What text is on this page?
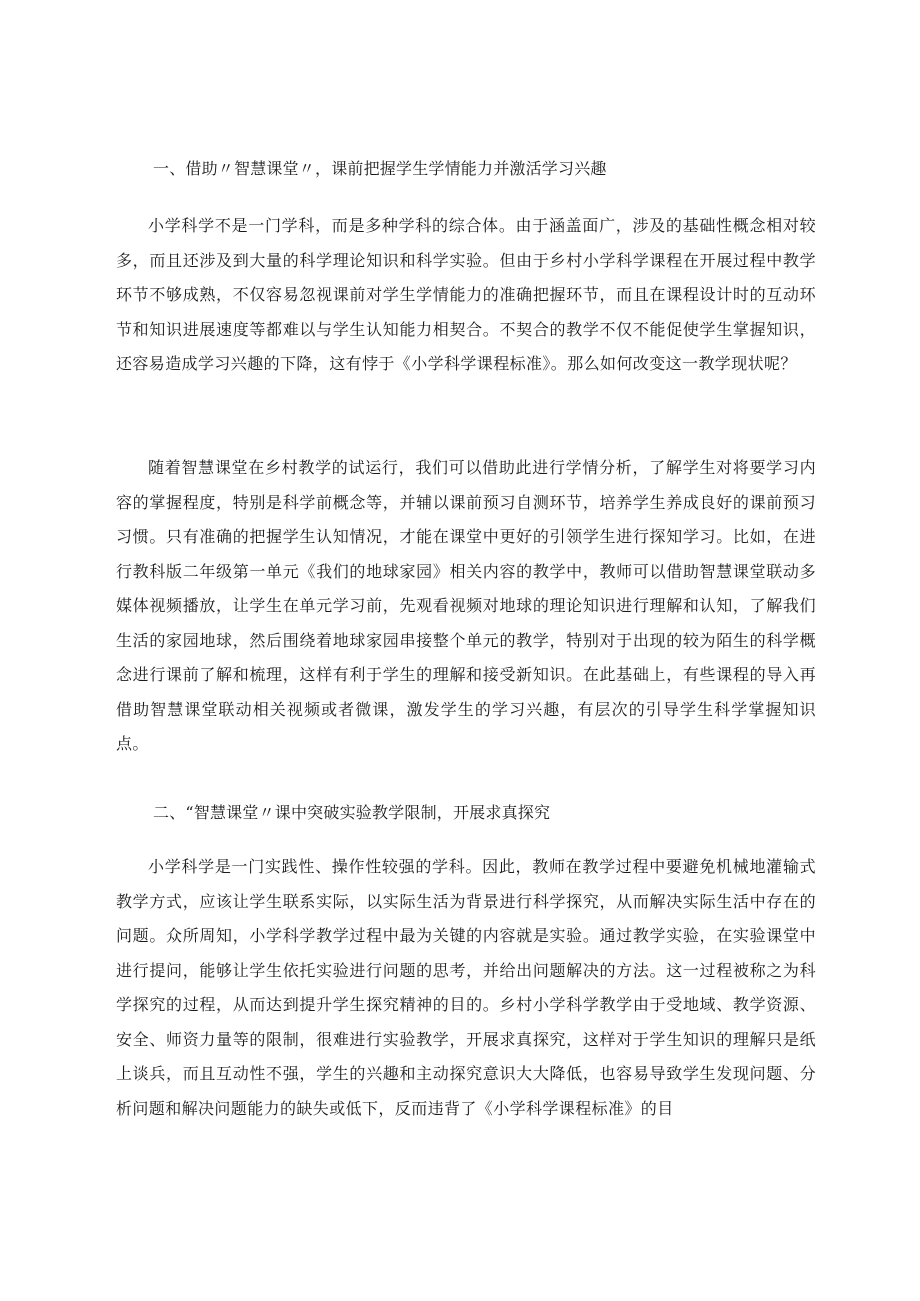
一、借助〃智慧课堂〃，课前把握学生学情能力并激活学习兴趣
小学科学不是一门学科，而是多种学科的综合体。由于涵盖面广，涉及的基础性概念相对较多，而且还涉及到大量的科学理论知识和科学实验。但由于乡村小学科学课程在开展过程中教学环节不够成熟，不仅容易忽视课前对学生学情能力的准确把握环节，而且在课程设计时的互动环节和知识进展速度等都难以与学生认知能力相契合。不契合的教学不仅不能促使学生掌握知识，还容易造成学习兴趣的下降，这有悖于《小学科学课程标准》。那么如何改变这一教学现状呢？
随着智慧课堂在乡村教学的试运行，我们可以借助此进行学情分析，了解学生对将要学习内容的掌握程度，特别是科学前概念等，并辅以课前预习自测环节，培养学生养成良好的课前预习习惯。只有准确的把握学生认知情况，才能在课堂中更好的引领学生进行探知学习。比如，在进行教科版二年级第一单元《我们的地球家园》相关内容的教学中，教师可以借助智慧课堂联动多媒体视频播放，让学生在单元学习前，先观看视频对地球的理论知识进行理解和认知，了解我们生活的家园地球，然后围绕着地球家园串接整个单元的教学，特别对于出现的较为陌生的科学概念进行课前了解和梳理，这样有利于学生的理解和接受新知识。在此基础上，有些课程的导入再借助智慧课堂联动相关视频或者微课，激发学生的学习兴趣，有层次的引导学生科学掌握知识点。
二、“智慧课堂〃课中突破实验教学限制，开展求真探究
小学科学是一门实践性、操作性较强的学科。因此，教师在教学过程中要避免机械地灌输式教学方式，应该让学生联系实际，以实际生活为背景进行科学探究，从而解决实际生活中存在的问题。众所周知，小学科学教学过程中最为关键的内容就是实验。通过教学实验，在实验课堂中进行提问，能够让学生依托实验进行问题的思考，并给出问题解决的方法。这一过程被称之为科学探究的过程，从而达到提升学生探究精神的目的。乡村小学科学教学由于受地域、教学资源、安全、师资力量等的限制，很难进行实验教学，开展求真探究，这样对于学生知识的理解只是纸上谈兵，而且互动性不强，学生的兴趣和主动探究意识大大降低，也容易导致学生发现问题、分析问题和解决问题能力的缺失或低下，反而违背了《小学科学课程标准》的目
